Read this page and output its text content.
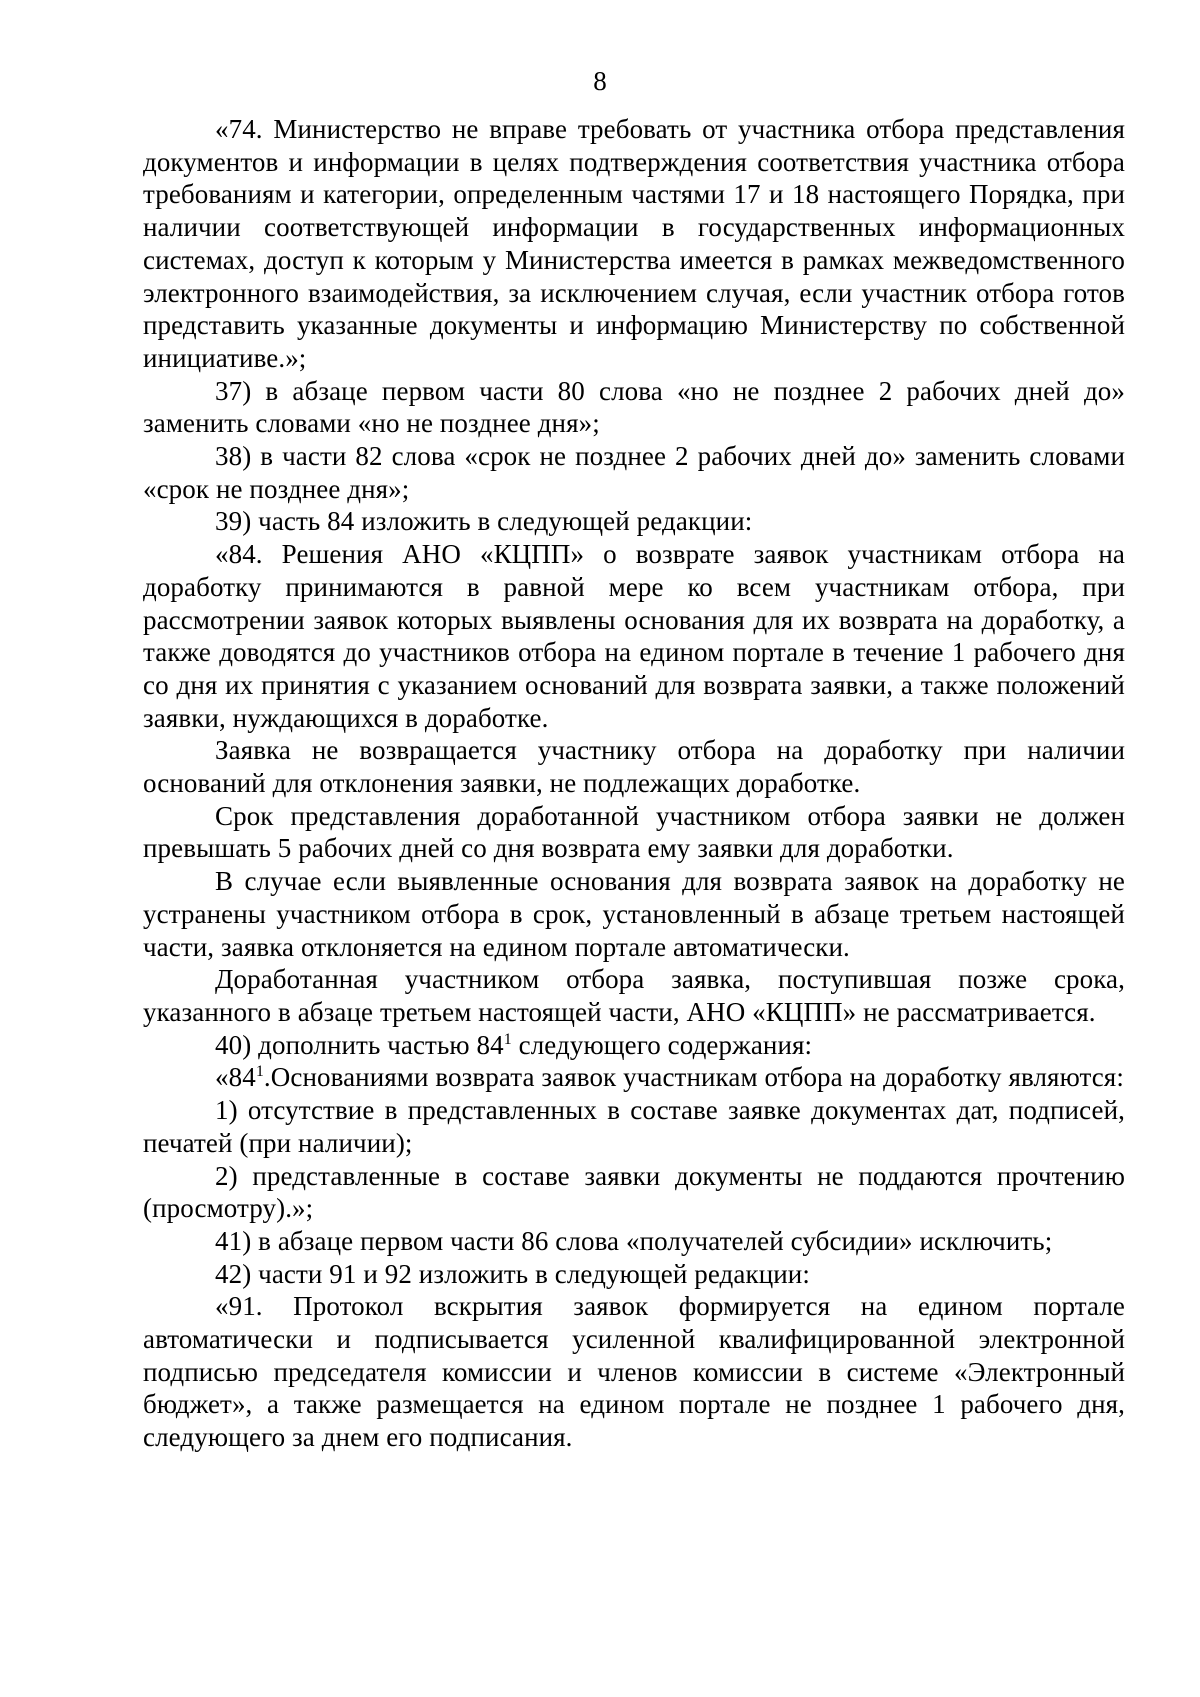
8

«74. Министерство не вправе требовать от участника отбора представления документов и информации в целях подтверждения соответствия участника отбора требованиям и категории, определенным частями 17 и 18 настоящего Порядка, при наличии соответствующей информации в государственных информационных системах, доступ к которым у Министерства имеется в рамках межведомственного электронного взаимодействия, за исключением случая, если участник отбора готов представить указанные документы и информацию Министерству по собственной инициативе.»;

37) в абзаце первом части 80 слова «но не позднее 2 рабочих дней до» заменить словами «но не позднее дня»;

38) в части 82 слова «срок не позднее 2 рабочих дней до» заменить словами «срок не позднее дня»;

39) часть 84 изложить в следующей редакции:

«84. Решения АНО «КЦПП» о возврате заявок участникам отбора на доработку принимаются в равной мере ко всем участникам отбора, при рассмотрении заявок которых выявлены основания для их возврата на доработку, а также доводятся до участников отбора на едином портале в течение 1 рабочего дня со дня их принятия с указанием оснований для возврата заявки, а также положений заявки, нуждающихся в доработке.

Заявка не возвращается участнику отбора на доработку при наличии оснований для отклонения заявки, не подлежащих доработке.

Срок представления доработанной участником отбора заявки не должен превышать 5 рабочих дней со дня возврата ему заявки для доработки.

В случае если выявленные основания для возврата заявок на доработку не устранены участником отбора в срок, установленный в абзаце третьем настоящей части, заявка отклоняется на едином портале автоматически.

Доработанная участником отбора заявка, поступившая позже срока, указанного в абзаце третьем настоящей части, АНО «КЦПП» не рассматривается.

40) дополнить частью $84^1$ следующего содержания:

«$84^1.Основаниями$ возврата заявок участникам отбора на доработку являются:

1) отсутствие в представленных в составе заявке документах дат, подписей, печатей (при наличии);

2) представленные в составе заявки документы не поддаются прочтению (просмотру).»;

41) в абзаце первом части 86 слова «получателей субсидии» исключить;

42) части 91 и 92 изложить в следующей редакции:

«91. Протокол вскрытия заявок формируется на едином портале автоматически и подписывается усиленной квалифицированной электронной подписью председателя комиссии и членов комиссии в системе «Электронный бюджет», а также размещается на едином портале не позднее 1 рабочего дня, следующего за днем его подписания.
